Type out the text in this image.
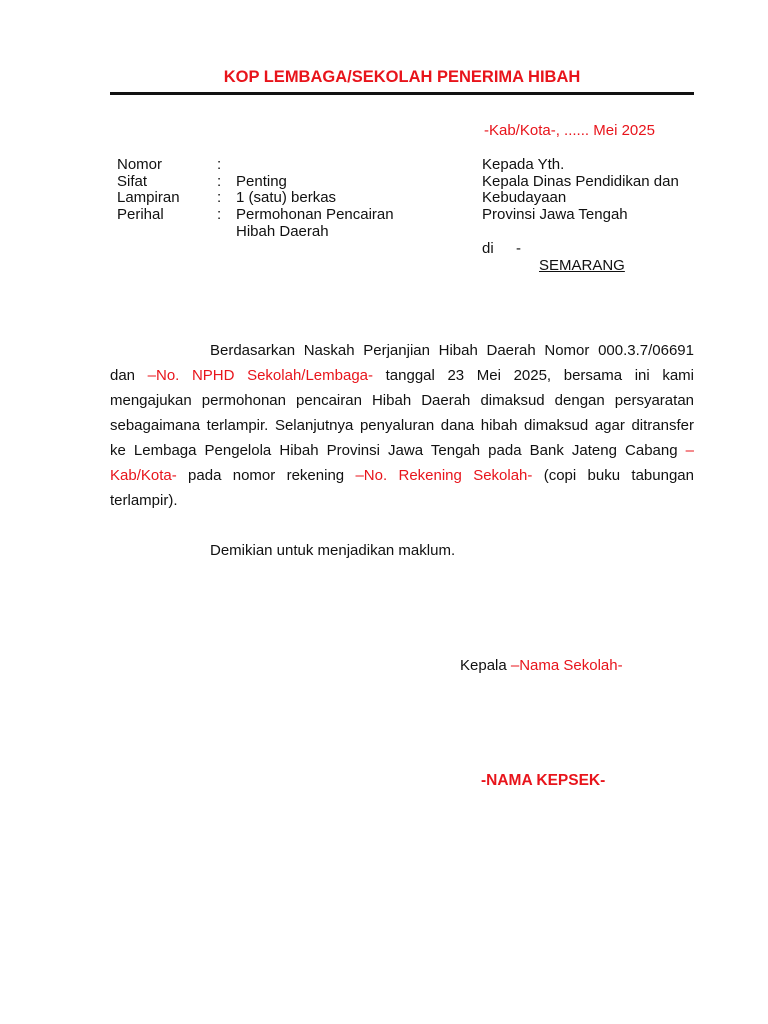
KOP LEMBAGA/SEKOLAH PENERIMA HIBAH
-Kab/Kota-, ...... Mei 2025
Nomor	:
Sifat	: Penting
Lampiran : 1 (satu) berkas
Perihal	: Permohonan Pencairan
Hibah Daerah
Kepada Yth.
Kepala Dinas Pendidikan dan
Kebudayaan
Provinsi Jawa Tengah
di -
SEMARANG
Berdasarkan Naskah Perjanjian Hibah Daerah Nomor 000.3.7/06691 dan –No. NPHD Sekolah/Lembaga- tanggal 23 Mei 2025, bersama ini kami mengajukan permohonan pencairan Hibah Daerah dimaksud dengan persyaratan sebagaimana terlampir. Selanjutnya penyaluran dana hibah dimaksud agar ditransfer ke Lembaga Pengelola Hibah Provinsi Jawa Tengah pada Bank Jateng Cabang –Kab/Kota- pada nomor rekening –No. Rekening Sekolah- (copi buku tabungan terlampir).
Demikian untuk menjadikan maklum.
Kepala –Nama Sekolah-
-NAMA KEPSEK-
